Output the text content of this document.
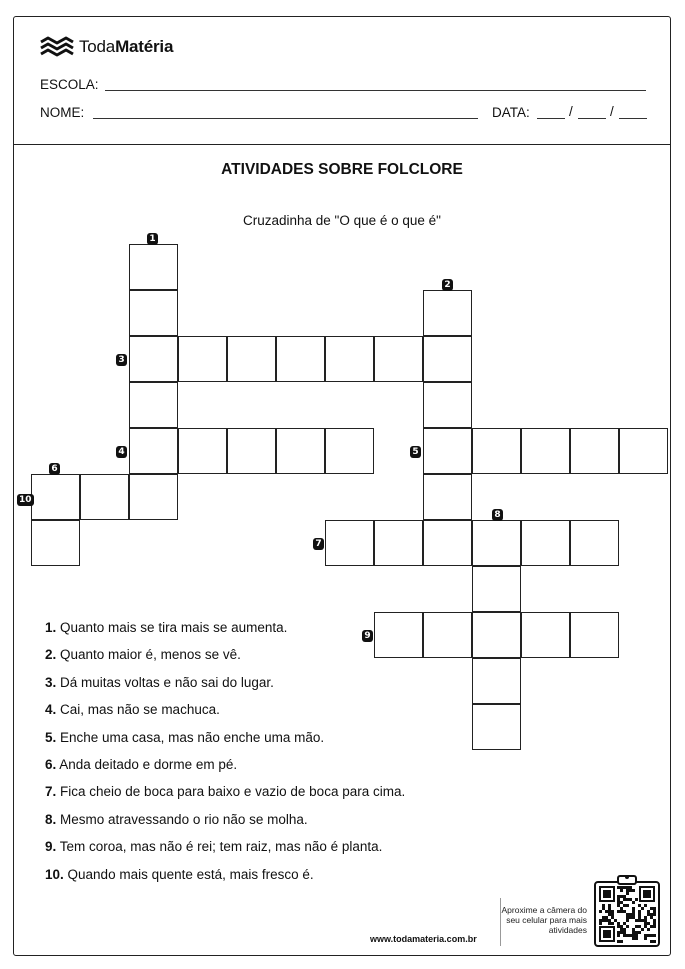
TodaMatéria
ESCOLA:
NOME:	DATA:	/	/
ATIVIDADES SOBRE FOLCLORE
Cruzadinha de "O que é o que é"
1
2
3
4	5
6
7
8
9
10
1. Quanto mais se tira mais se aumenta.
2. Quanto maior é, menos se vê.
3. Dá muitas voltas e não sai do lugar.
4. Cai, mas não se machuca.
5. Enche uma casa, mas não enche uma mão.
6. Anda deitado e dorme em pé.
7. Fica cheio de boca para baixo e vazio de boca para cima.
8. Mesmo atravessando o rio não se molha.
9. Tem coroa, mas não é rei; tem raiz, mas não é planta.
10. Quando mais quente está, mais fresco é.
Aproxime a câmera do seu celular para mais atividades
www.todamateria.com.br
